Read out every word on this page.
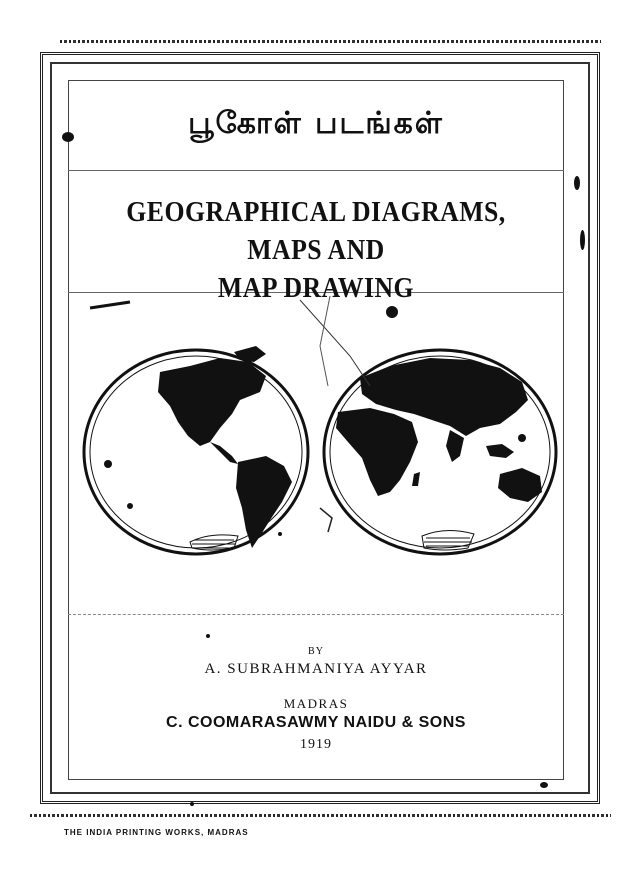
பூகோள் படங்கள்
GEOGRAPHICAL DIAGRAMS, MAPS AND
MAP DRAWING
BY
A. SUBRAHMANIYA AYYAR
MADRAS
C. COOMARASAWMY NAIDU & SONS
1919
THE INDIA PRINTING WORKS, MADRAS
